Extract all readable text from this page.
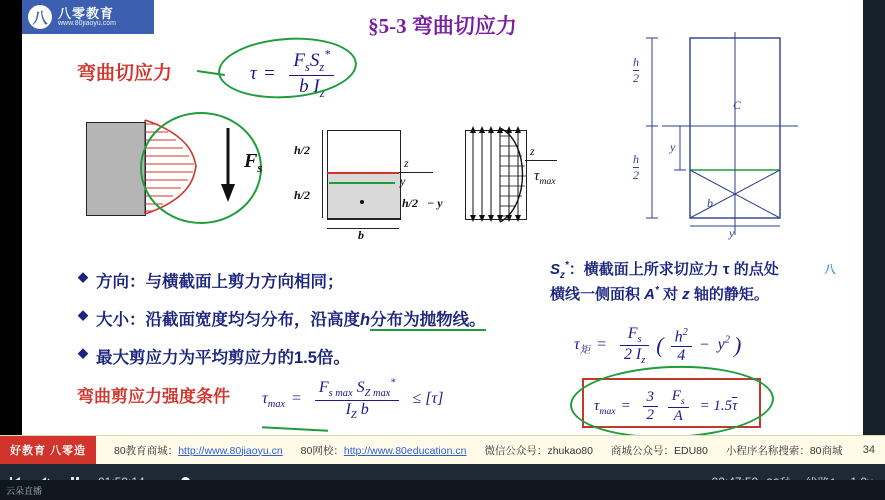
八 八零教育
www.80jiaoyu.com	§5-3 弯曲切应力
弯曲切应力	$\tau = \frac{F_sS_z^*}{b I_z}$
$F_s$	z
y
h/2
h/2
h/2 − y
b
z
$\tau_{max}$
h
2
h
2
y
C
b
y
◆ 方向：与横截面上剪力方向相同；
◆ 大小：沿截面宽度均匀分布，沿高度h分布为抛物线。
◆ 最大剪应力为平均剪应力的1.5倍。
$S_z^*$：横截面上所求切应力 τ 的点处
横线一侧面积 A* 对 z 轴的静矩。
$\tau_矩 = \frac{F_s}{2 I_z}$ ( $\frac{h^2}{4} - y^2$ )
$\tau_{max} = \frac{3}{2}$
$\frac{F_s}{A} = 1.5\overline{\tau}$
弯曲剪应力强度条件 $\tau_{max} = \frac{F_{s max} S_{Z max}^*}{I_Z b} \le [\tau]$
八
好教育 八零造	80教育商城：http://www.80jiaoyu.cn 80网校：http://www.80education.cn 微信公众号：zhukao80 商城公众号：EDU80 小程序名称搜索：80商城 34
云朵直播
